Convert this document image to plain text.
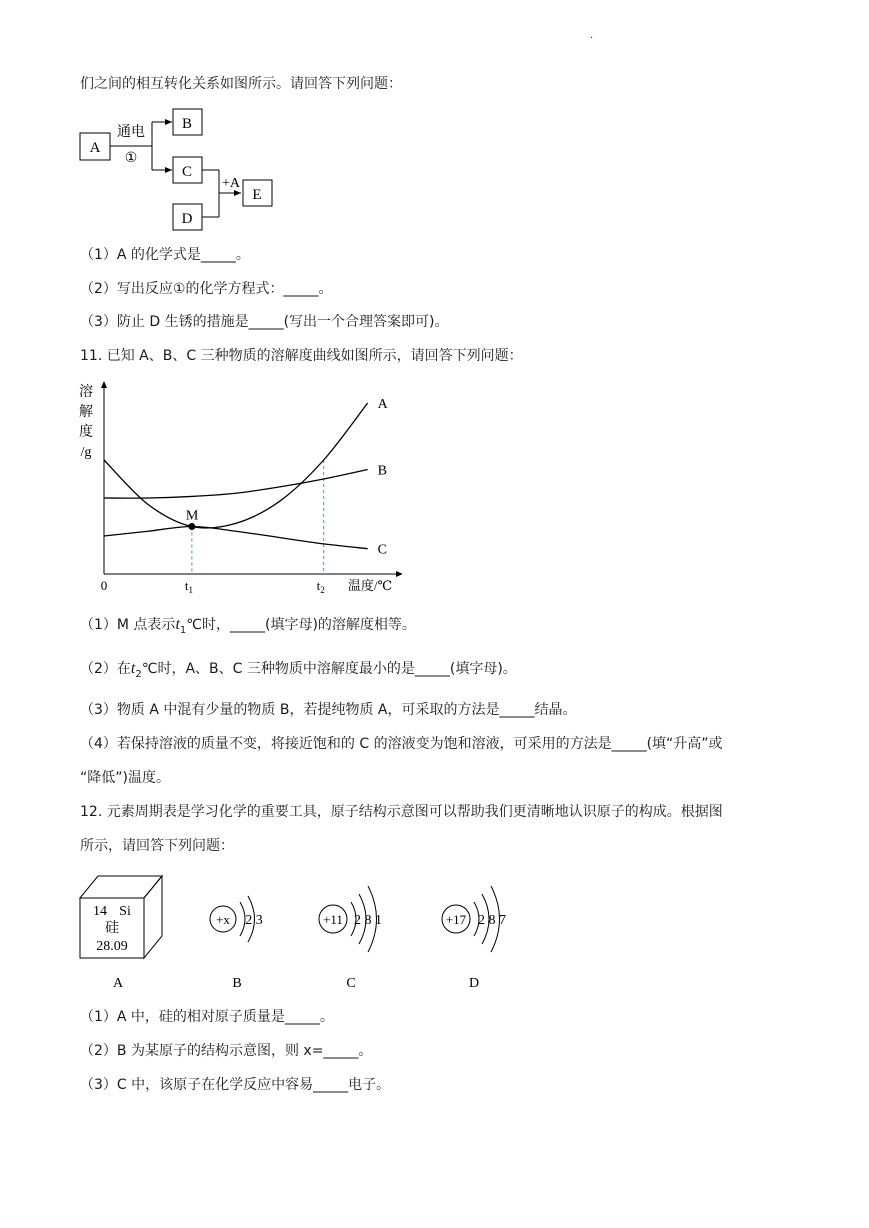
.
们之间的相互转化关系如图所示。请回答下列问题：
A
通电
①
B
C
D
+A
E
（1）A 的化学式是_____。
（2）写出反应①的化学方程式：_____。
（3）防止 D 生锈的措施是_____(写出一个合理答案即可)。
11. 已知 A、B、C 三种物质的溶解度曲线如图所示，请回答下列问题：
溶
解
度
/g
0	$t_1$	$t_2$ 温度/℃
A
B
C
M
（1）M 点表示$t_1℃$时，_____(填字母)的溶解度相等。
（2）在$t_2℃$时，A、B、C 三种物质中溶解度最小的是_____(填字母)。
（3）物质 A 中混有少量的物质 B，若提纯物质 A，可采取的方法是_____结晶。
（4）若保持溶液的质量不变，将接近饱和的 C 的溶液变为饱和溶液，可采用的方法是_____(填“升高”或
“降低”)温度。
12. 元素周期表是学习化学的重要工具，原子结构示意图可以帮助我们更清晰地认识原子的构成。根据图
所示，请回答下列问题：
14 Si
硅
28.09
+x 2 3	+11 2 8 1	+17 2 8 7
A	B	C	D
（1）A 中，硅的相对原子质量是_____。
（2）B 为某原子的结构示意图，则 x=_____。
（3）C 中，该原子在化学反应中容易_____电子。
